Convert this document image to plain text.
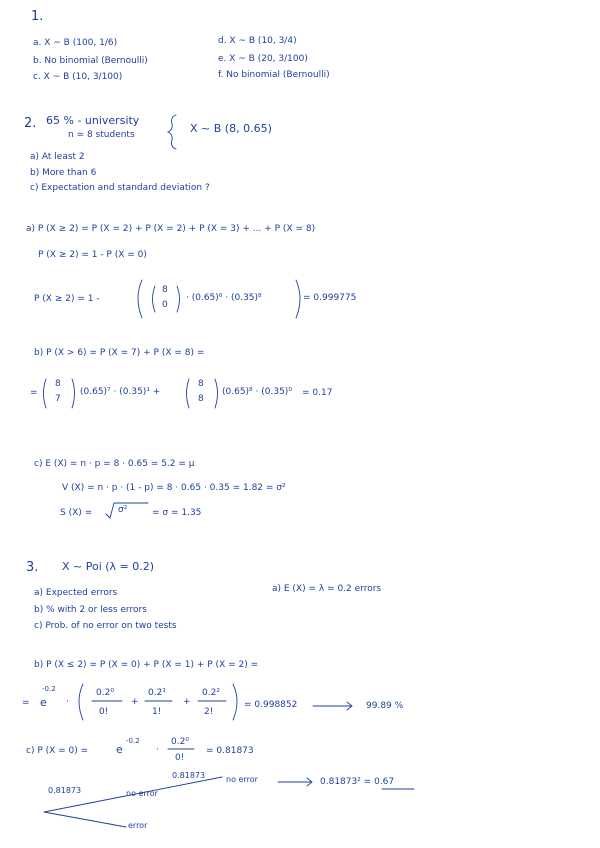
1.
a. X ~ B (100, 1/6)
b. No binomial (Bernoulli)
c. X ~ B (10, 3/100)
d. X ~ B (10, 3/4)
e. X ~ B (20, 3/100)
f. No binomial (Bernoulli)
2. 65 % - university
n = 8 students	X ~ B (8, 0.65)
a) At least 2
b) More than 6
c) Expectation and standard deviation ?
a) P (X ≥ 2) = P (X = 2) + P (X = 2) + P (X = 3) + ... + P (X = 8)
P (X ≥ 2) = 1 - P (X = 0)
P (X ≥ 2) = 1 -
8
0
· (0.65)⁰ · (0.35)⁸	= 0.999775
b) P (X > 6) = P (X = 7) + P (X = 8) =
=
8
7
(0.65)⁷ · (0.35)¹ +
8
8
(0.65)⁸ · (0.35)⁰ = 0.17
c) E (X) = n · p = 8 · 0.65 = 5.2 = μ
V (X) = n · p · (1 - p) = 8 · 0.65 · 0.35 = 1.82 = σ²
S (X) =	σ²	= σ = 1.35
3. X ~ Poi (λ = 0.2)
a) Expected errors
b) % with 2 or less errors
c) Prob. of no error on two tests
a) E (X) = λ = 0.2 errors
b) P (X ≤ 2) = P (X = 0) + P (X = 1) + P (X = 2) =
= e
-0.2
·
0.2⁰
0!
+
0.2¹
1!
+
0.2²
2!
= 0.998852	99.89 %
c) P (X = 0) =	e
-0.2
·
0.2⁰
0!
= 0.81873
0.81873	no error	0.81873² = 0.67
0.81873	no error
error
